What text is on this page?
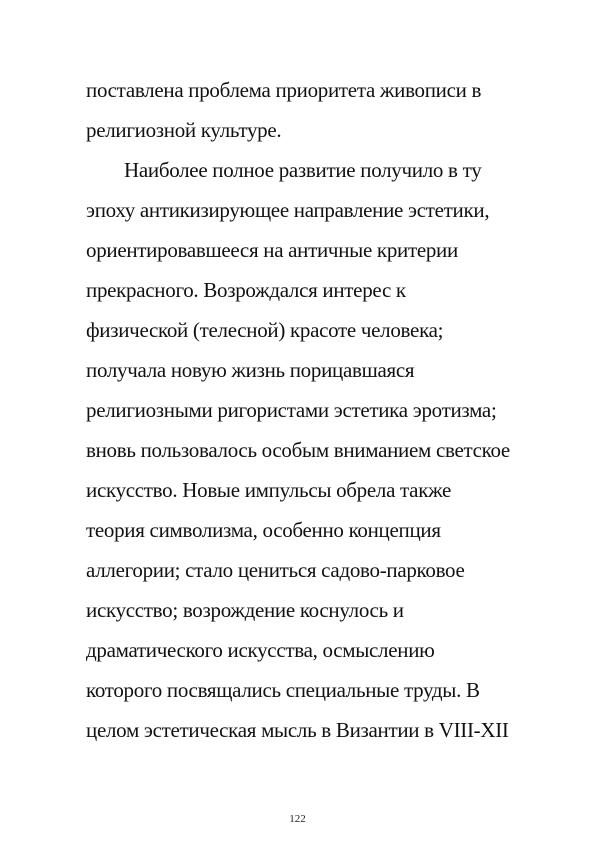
поставлена проблема приоритета живописи в
религиозной культуре.
Наиболее полное развитие получило в ту
эпоху антикизирующее направление эстетики,
ориентировавшееся на античные критерии
прекрасного. Возрождался интерес к
физической (телесной) красоте человека;
получала новую жизнь порицавшаяся
религиозными ригористами эстетика эротизма;
вновь пользовалось особым вниманием светское
искусство. Новые импульсы обрела также
теория символизма, особенно концепция
аллегории; стало цениться садово-парковое
искусство; возрождение коснулось и
драматического искусства, осмыслению
которого посвящались специальные труды. В
целом эстетическая мысль в Византии в VIII-XII
122
